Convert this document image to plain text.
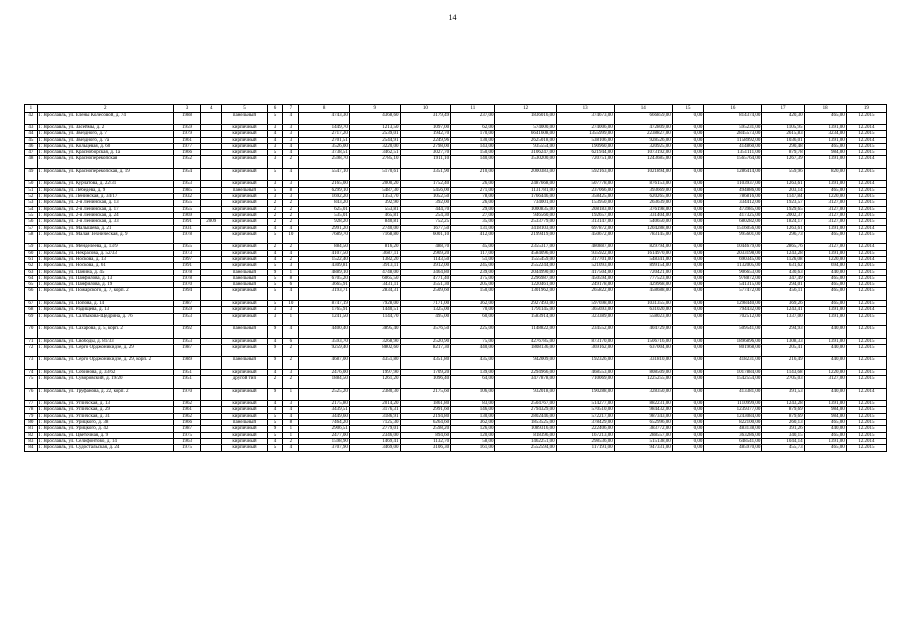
14
1	2	3	4	5	6	7	8	9	10	11	12	13	14	15	16	17	18	19
42	Г. Ярославль, ул. Елены Колесовой, д. 74	1988		панельный	5	4	4743,30	4368,60	3179,49	237,00	1836016,00	374673,00	666859,00	0,00	814374,00	420,30	465,00	12.2015
43	Г. Ярославль, ул. Засеймы, д. 2	1959		кирпичный	3	3	1449,70	1213,50	1097,00	62,00	574000,00	274006,00	472809,00	0,00	595231,00	1105,95	1391,00	12.2014
44	Г. Ярославль, ул. Звёздного, д. 7	1979		кирпичный	4	3	2717,20	2539,01	1942,70	170,00	6641608,00	1355999,00	2238827,00	0,00	2845573,00	2615,83	3234,00	12.2015
45	Г. Ярославль, ул. Звёздного, д. 7а	1961		кирпичный	4	3	2701,51	2544,91	2249,96	130,00	2625018,00	538106,00	928526,00	0,00	1158992,00	1036,01	1391,00	12.2014
46	Г. Ярославль, ул. Кольцевая, д. 60	1977		кирпичный	3	4	3526,00	3220,00	2798,00	143,00	935554,00	190960,00	320925,00	0,00	414860,00	290,48	465,00	12.2015
47	Г. Ярославль, ул. Красноборская, д. 1а	1966		кирпичный	5	4	3738,51	3462,51	3027,70	150,00	3106247,00	621944,00	1073192,00	0,00	1351111,00	879,78	984,00	12.2015
48	Г. Ярославль, ул. Красноперекопская	1952		кирпичный	3	2	2598,70	2785,10	1911,10	140,00	3530200,00	720751,00	1243685,00	0,00	1565764,00	1267,39	1391,00	12.2014
49	Г. Ярославль, ул. Красноперекопская, д. 19	1954		кирпичный	5	4	5547,10	5170,61	3351,90	210,00	2000383,00	592163,00	1021894,00	0,00	1286414,00	559,96	820,00	12.2015
50	Г. Ярославль, ул. Курчатова, д. 22/31	1953		кирпичный	3	3	2165,00	2000,20	1752,40	26,00	2487668,00	507778,00	876153,00	0,00	1103937,00	1263,61	1391,00	12.2014
51	Г. Ярославль, ул. Лебедева, д. 9	1985		панельный	5	8	6299,10	5487,30	5456,00	271,00	1131781,00	237066,00	393669,00	0,00	494886,00	203,14	465,00	12.2015
52	Г. Ярославль, ул. Ленинская, д. 34/17	1932		кирпичный	3	3	1692,20	1353,70	1052,50	78,00	1766446,00	358425,00	620265,00	0,00	786816,00	1147,84	1220,00	12.2015
53	Г. Ярославль, ул. 2-я Ленинская, д. 13	1955		кирпичный	2	2	843,20	392,90	392,00	26,00	734001,00	153950,00	263639,00	0,00	334412,00	1923,57	3127,00	12.2015
54	Г. Ярославль, ул. 2-я Ленинская, д. 17	1955		кирпичный	2	2	625,01	553,81	444,70	29,00	1000835,00	208183,00	376198,00	0,00	473985,00	1929,65	3127,00	12.2015
55	Г. Ярославль, ул. 2-я Ленинская, д. 24	1969		кирпичный	2	2	535,01	465,81	254,30	27,00	946560,00	192657,00	331404,00	0,00	417325,00	2002,37	3127,00	12.2015
56	Г. Ярославль, ул. 3-я Ленинская, д. 33	1991	2009	кирпичный	2	2	928,20	840,81	752,25	35,00	2533779,00	313147,00	540650,00	0,00	680282,00	1824,17	3127,00	12.2015
57	Г. Ярославль, ул. Малышева, д. 21	1931		кирпичный	4	4	2991,20	2740,00	1677,50	131,00	3418103,00	697872,00	1204288,00	0,00	1516056,00	1263,61	1391,00	12.2014
58	Г. Ярославль, ул. Малая Техническая, д. 9	1978		кирпичный	5	10	7689,70	7168,80	6001,10	412,00	2199419,00	450672,00	783145,00	0,00	995601,00	296,73	465,00	12.2015
59	Г. Ярославль, ул. Менделеева, д. 13/9	1955		кирпичный	2	2	884,50	816,20	488,70	45,00	2355317,00	480887,00	829794,00	0,00	1044679,00	2865,76	3127,00	12.2014
60	Г. Ярославль, ул. Некрасова, д. 52/33	1973		кирпичный	4	4	4107,50	3687,11	2969,20	117,00	4584096,00	935922,00	1614970,00	0,00	2033198,00	1243,28	1391,00	12.2015
61	Г. Ярославль, ул. Носкова, д. 13	1997		кирпичный	4	2	1522,40	1382,20	1143,50	51,00	1555459,00	317701,00	548341,00	0,00	690345,00	1126,08	1220,00	12.2014
62	Г. Ярославль, ул. Носкова, д. 61	1991		кирпичный	5	3	4309,81	3913,11	3912,00	245,00	2552244,00	521093,00	899154,00	0,00	1132005,00	631,62	694,00	12.2015
63	Г. Ярославль, ул. Панина, д. 45	1978		панельный	9	1	4889,10	4748,00	3464,80	239,00	2044990,00	417504,00	720421,00	0,00	906653,00	430,63	440,00	12.2015
64	Г. Ярославль, ул. Панфилова, д. 13	1978		панельный	5	8	6705,20	6065,50	4771,40	375,00	2296987,00	450594,00	777523,00	0,00	978872,00	347,49	465,00	12.2015
65	Г. Ярославль, ул. Панфилова, д. 19	1970		панельный	5	6	3665,91	3431,11	3551,30	205,00	1220461,00	249178,00	429968,00	0,00	541315,00	294,01	465,00	12.2015
66	Г. Ярославль, ул. Пожарского, д. 7, корп. 2	1994		кирпичный	5	4	3193,71	2834,31	2509,60	150,00	1301962,00	265822,00	458688,00	0,00	577472,00	456,11	465,00	12.2015
67	Г. Ярославль, ул. Попова, д. 14	1987		кирпичный	5	10	8747,19	7928,00	7171,00	362,00	2927493,00	597698,00	1031355,00	0,00	1298440,00	369,26	465,00	12.2015
68	Г. Ярославль, ул. Радищева, д. 13	1959		кирпичный	3	3	1765,91	1440,51	1325,00	70,00	1791145,00	365693,00	631020,00	0,00	794432,00	1243,41	1391,00	12.2014
69	Г. Ярославль, ул. Салтыкова-Щедрина, д. 76	1953		кирпичный	3	1	1241,50	1144,70	495,00	60,00	1583914,00	323389,00	558023,00	0,00	702512,00	1337,00	1391,00	12.2015
70	Г. Ярославль, ул. Сахарова, д. 5, корп. 2	1992		панельный	9	4	4400,40	3895,40	3576,50	225,00	1148822,00	234552,00	404729,00	0,00	509541,00	294,93	440,00	12.2015
71	Г. Ярославль, ул. Свободы, д. 81/33	1953		кирпичный	4	6	3593,70	3268,90	2520,90	75,00	4276785,00	873170,00	1506716,00	0,00	1896896,00	1308,33	1391,00	12.2015
72	Г. Ярославль, ул. Серго Орджоникидзе, д. 29	1987		кирпичный	9	2	9259,40	8802,60	8217,30	440,00	1808136,00	369162,00	637004,00	0,00	801968,00	205,41	440,00	12.2015
73	Г. Ярославль, ул. Серго Орджоникидзе, д. 29, корп. 2	1989		панельный	9	2	4687,00	4351,80	4351,80	435,00	942009,00	192326,00	331810,00	0,00	418231,00	216,49	440,00	12.2015
74	Г. Ярославль, ул. Собинова, д. 33/62	1951		кирпичный	4	3	2476,00	1997,90	1709,20	139,00	2294966,00	468553,00	808509,00	0,00	1017884,00	1143,68	1220,00	12.2015
75	Г. Ярославль, ул. Суворовский, д. 19/20	1951		другой тип	2	2	1884,50	1261,20	1096,40	64,00	3477878,00	710069,00	1225255,00	0,00	1542554,00	2705,03	3127,00	12.2015
76	Г. Ярославль, ул. Труфанова, д. 22, корп. 2	1970		кирпичный	9	1	2525,20	2380,30	2175,60	106,00	932018,00	190288,00	328350,00	0,00	413381,00	391,53	440,00	12.2014
77	Г. Ярославль, ул. Угличская, д. 13	1962		кирпичный	4	3	2175,80	2014,20	1861,80	83,00	2504767,00	514277,00	882231,00	0,00	1110999,00	1243,28	1391,00	12.2015
78	Г. Ярославль, ул. Угличская, д. 29	1961		кирпичный	4	4	3439,51	3176,31	2991,60	146,00	2794329,00	570510,00	984432,00	0,00	1239377,00	879,69	984,00	12.2015
79	Г. Ярославль, ул. Угличская, д. 31	1962		кирпичный	5	4	3449,60	3186,91	2194,80	130,00	2802446,00	572217,00	987343,00	0,00	1243084,00	879,69	984,00	12.2015
80	Г. Ярославль, ул. Урицкого, д. 38	1966		панельный	5	8	7464,20	7125,30	6264,60	362,00	1853525,00	378429,00	652996,00	0,00	822100,00	260,13	465,00	12.2015
81	Г. Ярославль, ул. Урицкого, д. 42	1987		кирпичный	9	1	2906,51	2779,01	2598,20	126,00	1089316,00	222406,00	383772,00	0,00	483138,00	391,26	440,00	12.2015
82	Г. Ярославль, ул. Цветочная, д. 9	1975		кирпичный	5	1	2477,00	2346,00	894,60	120,00	818396,00	167213,00	288557,00	0,00	363286,00	340,15	465,00	12.2015
83	Г. Ярославль, ул. Селифонтово, д. 14	1963		кирпичный	4	2	1598,90	1469,41	1132,70	58,00	1462251,00	298536,00	515138,00	0,00	648541,00	1044,14	1391,00	12.2014
84	Г. Ярославль, ул. Судостальская, д. 24	1975		кирпичный	5	4	3707,90	3469,00	3106,30	161,00	2552594,00	117191,00	947331,00	0,00	485970,00	455,73	465,00	12.2015
